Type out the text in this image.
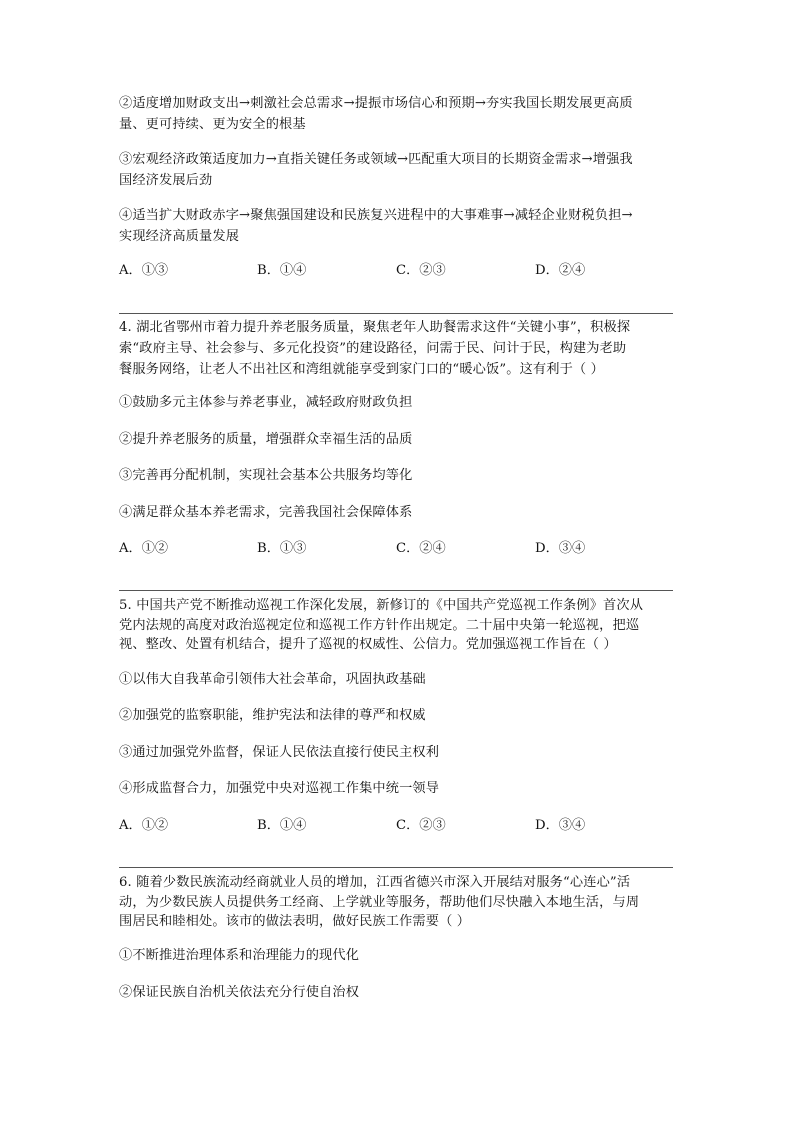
②适度增加财政支出→刺激社会总需求→提振市场信心和预期→夯实我国长期发展更高质
量、更可持续、更为安全的根基
③宏观经济政策适度加力→直指关键任务或领域→匹配重大项目的长期资金需求→增强我
国经济发展后劲
④适当扩大财政赤字→聚焦强国建设和民族复兴进程中的大事难事→减轻企业财税负担→
实现经济高质量发展
A．①③	B．①④	C．②③	D．②④
4. 湖北省鄂州市着力提升养老服务质量，聚焦老年人助餐需求这件“关键小事”，积极探
索“政府主导、社会参与、多元化投资”的建设路径，问需于民、问计于民，构建为老助
餐服务网络，让老人不出社区和湾组就能享受到家门口的“暖心饭”。这有利于（ ）
①鼓励多元主体参与养老事业，减轻政府财政负担
②提升养老服务的质量，增强群众幸福生活的品质
③完善再分配机制，实现社会基本公共服务均等化
④满足群众基本养老需求，完善我国社会保障体系
A．①②	B．①③	C．②④	D．③④
5. 中国共产党不断推动巡视工作深化发展，新修订的《中国共产党巡视工作条例》首次从
党内法规的高度对政治巡视定位和巡视工作方针作出规定。二十届中央第一轮巡视，把巡
视、整改、处置有机结合，提升了巡视的权威性、公信力。党加强巡视工作旨在（ ）
①以伟大自我革命引领伟大社会革命，巩固执政基础
②加强党的监察职能，维护宪法和法律的尊严和权威
③通过加强党外监督，保证人民依法直接行使民主权利
④形成监督合力，加强党中央对巡视工作集中统一领导
A．①②	B．①④	C．②③	D．③④
6. 随着少数民族流动经商就业人员的增加，江西省德兴市深入开展结对服务“心连心”活
动，为少数民族人员提供务工经商、上学就业等服务，帮助他们尽快融入本地生活，与周
围居民和睦相处。该市的做法表明，做好民族工作需要（ ）
①不断推进治理体系和治理能力的现代化
②保证民族自治机关依法充分行使自治权
